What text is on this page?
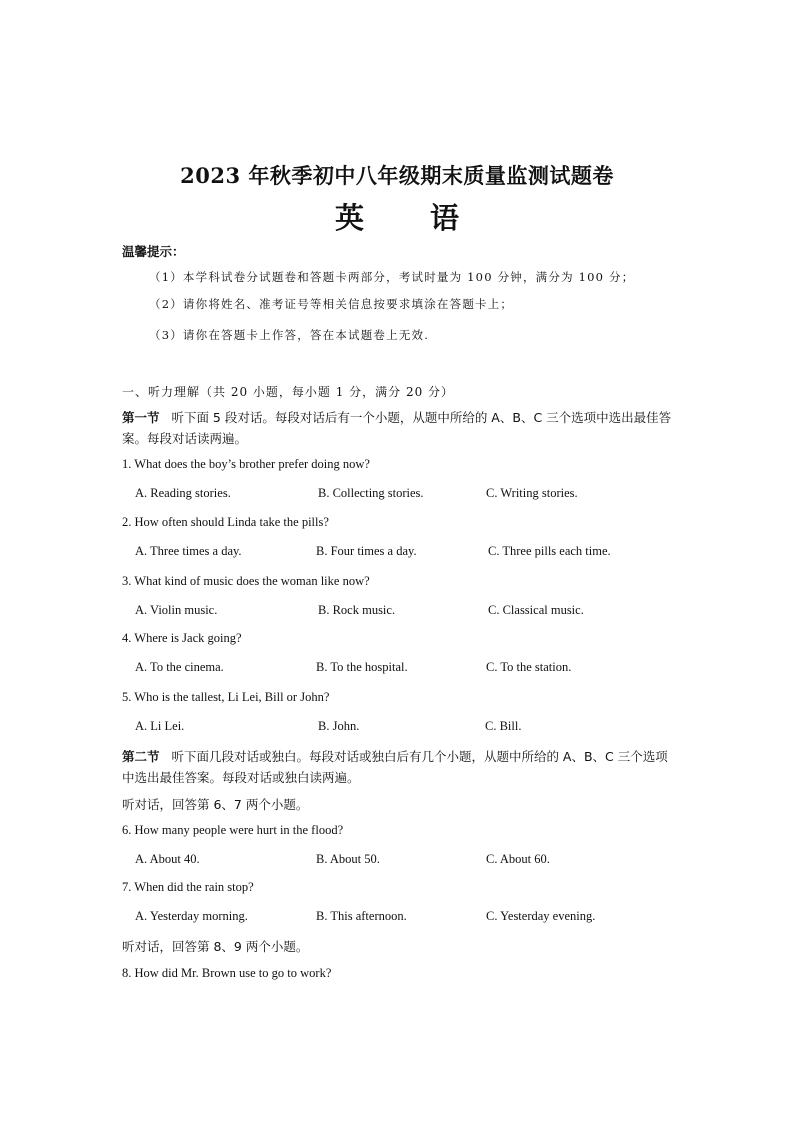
2023 年秋季初中八年级期末质量监测试题卷
英 语
温馨提示：
（1）本学科试卷分试题卷和答题卡两部分，考试时量为 100 分钟，满分为 100 分；
（2）请你将姓名、准考证号等相关信息按要求填涂在答题卡上；
（3）请你在答题卡上作答，答在本试题卷上无效.
一、听力理解（共 20 小题，每小题 1 分，满分 20 分）
第一节 听下面 5 段对话。每段对话后有一个小题，从题中所给的 A、B、C 三个选项中选出最佳答案。每段对话读两遍。
1. What does the boy’s brother prefer doing now?
A. Reading stories.	B. Collecting stories.	C. Writing stories.
2. How often should Linda take the pills?
A. Three times a day.	B. Four times a day.	C. Three pills each time.
3. What kind of music does the woman like now?
A. Violin music.	B. Rock music.	C. Classical music.
4. Where is Jack going?
A. To the cinema.	B. To the hospital.	C. To the station.
5. Who is the tallest, Li Lei, Bill or John?
A. Li Lei.	B. John.	C. Bill.
第二节 听下面几段对话或独白。每段对话或独白后有几个小题，从题中所给的 A、B、C 三个选项中选出最佳答案。每段对话或独白读两遍。
听对话，回答第 6、7 两个小题。
6. How many people were hurt in the flood?
A. About 40.	B. About 50.	C. About 60.
7. When did the rain stop?
A. Yesterday morning.	B. This afternoon.	C. Yesterday evening.
听对话，回答第 8、9 两个小题。
8. How did Mr. Brown use to go to work?
